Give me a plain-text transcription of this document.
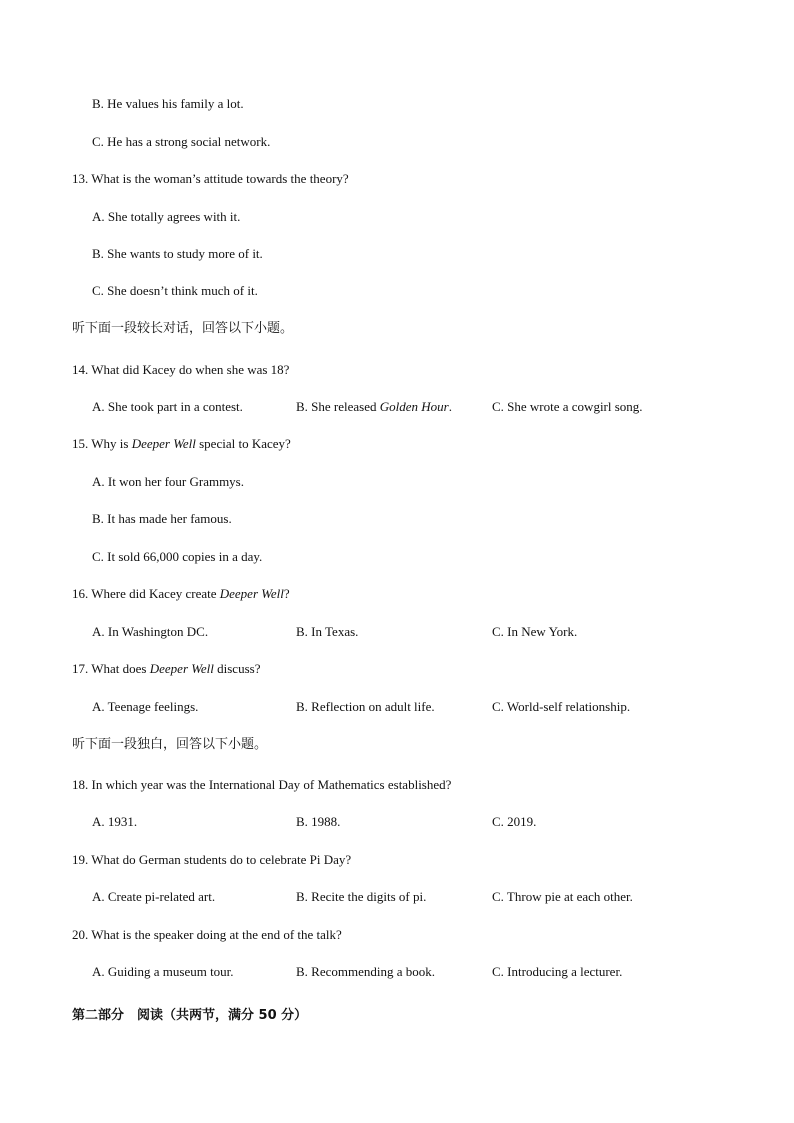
B. He values his family a lot.
C. He has a strong social network.
13. What is the woman’s attitude towards the theory?
A. She totally agrees with it.
B. She wants to study more of it.
C. She doesn’t think much of it.
听下面一段较长对话，回答以下小题。
14. What did Kacey do when she was 18?
A. She took part in a contest.	B. She released Golden Hour.	C. She wrote a cowgirl song.
15. Why is Deeper Well special to Kacey?
A. It won her four Grammys.
B. It has made her famous.
C. It sold 66,000 copies in a day.
16. Where did Kacey create Deeper Well?
A. In Washington DC.	B. In Texas.	C. In New York.
17. What does Deeper Well discuss?
A. Teenage feelings.	B. Reflection on adult life.	C. World-self relationship.
听下面一段独白，回答以下小题。
18. In which year was the International Day of Mathematics established?
A. 1931.	B. 1988.	C. 2019.
19. What do German students do to celebrate Pi Day?
A. Create pi-related art.	B. Recite the digits of pi.	C. Throw pie at each other.
20. What is the speaker doing at the end of the talk?
A. Guiding a museum tour.	B. Recommending a book.	C. Introducing a lecturer.
第二部分　阅读（共两节，满分 50 分）
